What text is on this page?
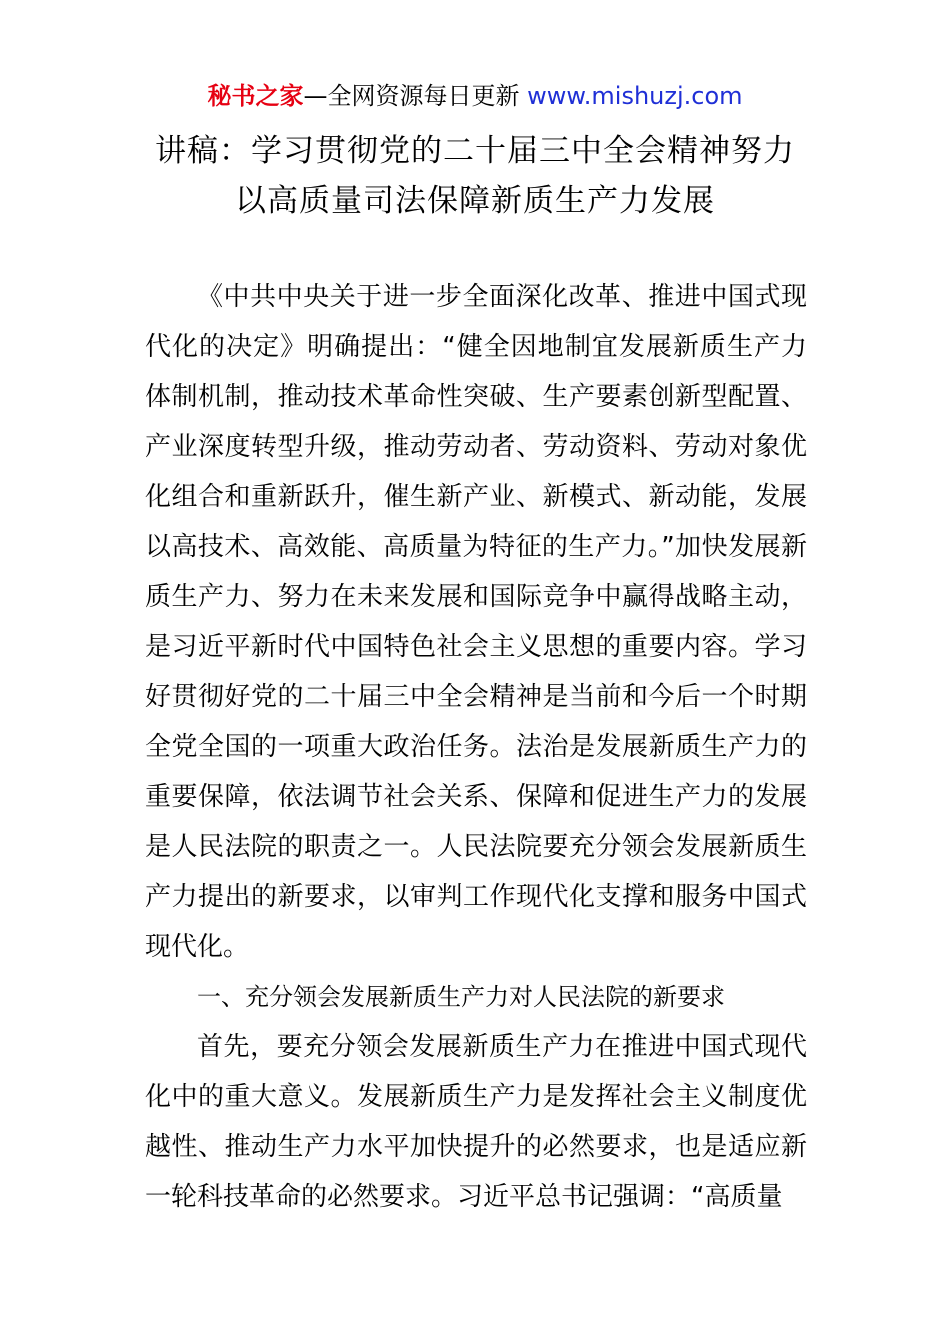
秘书之家—全网资源每日更新 www.mishuzj.com
讲稿：学习贯彻党的二十届三中全会精神努力
以高质量司法保障新质生产力发展

《中共中央关于进一步全面深化改革、推进中国式现代化的决定》明确提出：“健全因地制宜发展新质生产力体制机制，推动技术革命性突破、生产要素创新型配置、产业深度转型升级，推动劳动者、劳动资料、劳动对象优化组合和重新跃升，催生新产业、新模式、新动能，发展以高技术、高效能、高质量为特征的生产力。”加快发展新质生产力、努力在未来发展和国际竞争中赢得战略主动，是习近平新时代中国特色社会主义思想的重要内容。学习好贯彻好党的二十届三中全会精神是当前和今后一个时期全党全国的一项重大政治任务。法治是发展新质生产力的重要保障，依法调节社会关系、保障和促进生产力的发展是人民法院的职责之一。人民法院要充分领会发展新质生产力提出的新要求，以审判工作现代化支撑和服务中国式现代化。

一、充分领会发展新质生产力对人民法院的新要求

首先，要充分领会发展新质生产力在推进中国式现代化中的重大意义。发展新质生产力是发挥社会主义制度优越性、推动生产力水平加快提升的必然要求，也是适应新一轮科技革命的必然要求。习近平总书记强调：“高质量
